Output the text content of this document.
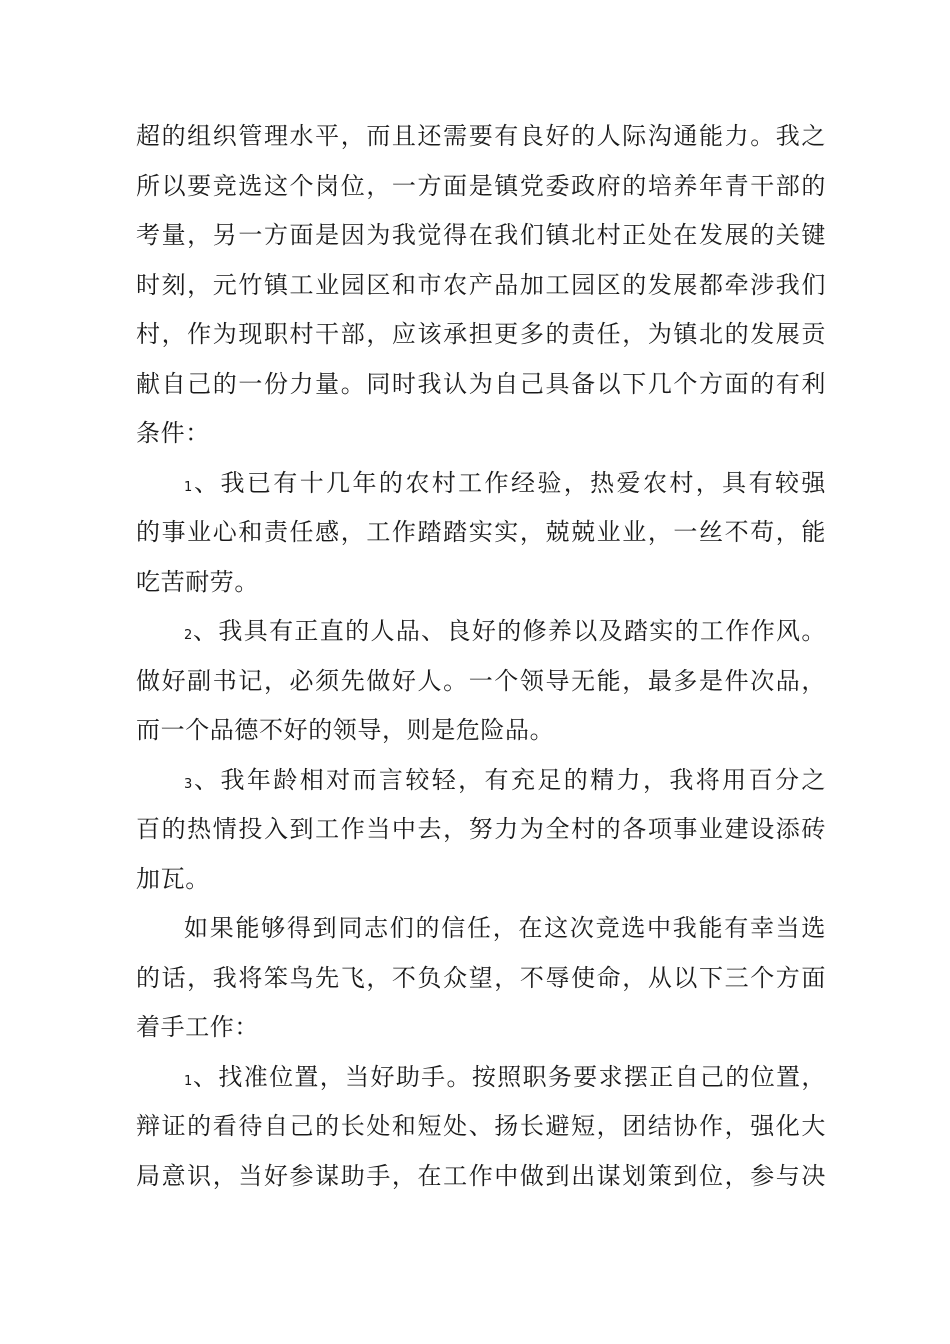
超的组织管理水平，而且还需要有良好的人际沟通能力。我之
所以要竞选这个岗位，一方面是镇党委政府的培养年青干部的
考量，另一方面是因为我觉得在我们镇北村正处在发展的关键
时刻，元竹镇工业园区和市农产品加工园区的发展都牵涉我们
村，作为现职村干部，应该承担更多的责任，为镇北的发展贡
献自己的一份力量。同时我认为自己具备以下几个方面的有利
条件：
1、我已有十几年的农村工作经验，热爱农村，具有较强
的事业心和责任感，工作踏踏实实，兢兢业业，一丝不苟，能
吃苦耐劳。
2、我具有正直的人品、良好的修养以及踏实的工作作风。
做好副书记，必须先做好人。一个领导无能，最多是件次品，
而一个品德不好的领导，则是危险品。
3、我年龄相对而言较轻，有充足的精力，我将用百分之
百的热情投入到工作当中去，努力为全村的各项事业建设添砖
加瓦。
如果能够得到同志们的信任，在这次竞选中我能有幸当选
的话，我将笨鸟先飞，不负众望，不辱使命，从以下三个方面
着手工作：
1、找准位置，当好助手。按照职务要求摆正自己的位置，
辩证的看待自己的长处和短处、扬长避短，团结协作，强化大
局意识，当好参谋助手，在工作中做到出谋划策到位，参与决
